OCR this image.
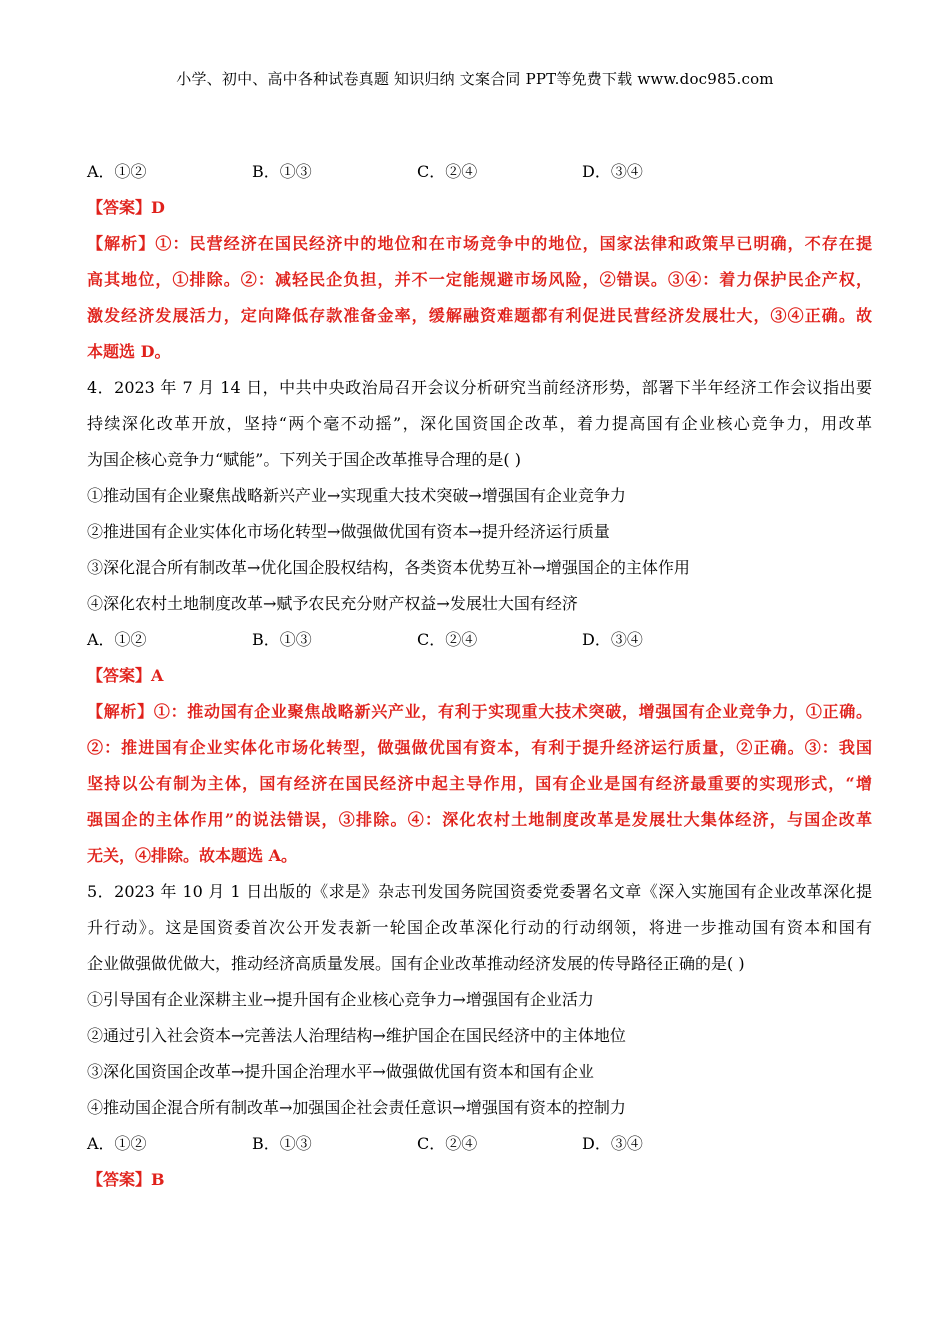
小学、初中、高中各种试卷真题 知识归纳 文案合同 PPT等免费下载 www.doc985.com
A．①②	B．①③	C．②④	D．③④
【答案】D
【解析】①：民营经济在国民经济中的地位和在市场竞争中的地位，国家法律和政策早已明确，不存在提
高其地位，①排除。②：减轻民企负担，并不一定能规避市场风险，②错误。③④：着力保护民企产权，
激发经济发展活力，定向降低存款准备金率，缓解融资难题都有利促进民营经济发展壮大，③④正确。故
本题选 D。
4．2023 年 7 月 14 日，中共中央政治局召开会议分析研究当前经济形势，部署下半年经济工作会议指出要
持续深化改革开放，坚持“两个毫不动摇”，深化国资国企改革，着力提高国有企业核心竞争力，用改革
为国企核心竞争力“赋能”。下列关于国企改革推导合理的是( )
①推动国有企业聚焦战略新兴产业→实现重大技术突破→增强国有企业竞争力
②推进国有企业实体化市场化转型→做强做优国有资本→提升经济运行质量
③深化混合所有制改革→优化国企股权结构，各类资本优势互补→增强国企的主体作用
④深化农村土地制度改革→赋予农民充分财产权益→发展壮大国有经济
A．①②	B．①③	C．②④	D．③④
【答案】A
【解析】①：推动国有企业聚焦战略新兴产业，有利于实现重大技术突破，增强国有企业竞争力，①正确。
②：推进国有企业实体化市场化转型，做强做优国有资本，有利于提升经济运行质量，②正确。③：我国
坚持以公有制为主体，国有经济在国民经济中起主导作用，国有企业是国有经济最重要的实现形式，“增
强国企的主体作用”的说法错误，③排除。④：深化农村土地制度改革是发展壮大集体经济，与国企改革
无关，④排除。故本题选 A。
5．2023 年 10 月 1 日出版的《求是》杂志刊发国务院国资委党委署名文章《深入实施国有企业改革深化提
升行动》。这是国资委首次公开发表新一轮国企改革深化行动的行动纲领，将进一步推动国有资本和国有
企业做强做优做大，推动经济高质量发展。国有企业改革推动经济发展的传导路径正确的是( )
①引导国有企业深耕主业→提升国有企业核心竞争力→增强国有企业活力
②通过引入社会资本→完善法人治理结构→维护国企在国民经济中的主体地位
③深化国资国企改革→提升国企治理水平→做强做优国有资本和国有企业
④推动国企混合所有制改革→加强国企社会责任意识→增强国有资本的控制力
A．①②	B．①③	C．②④	D．③④
【答案】B
